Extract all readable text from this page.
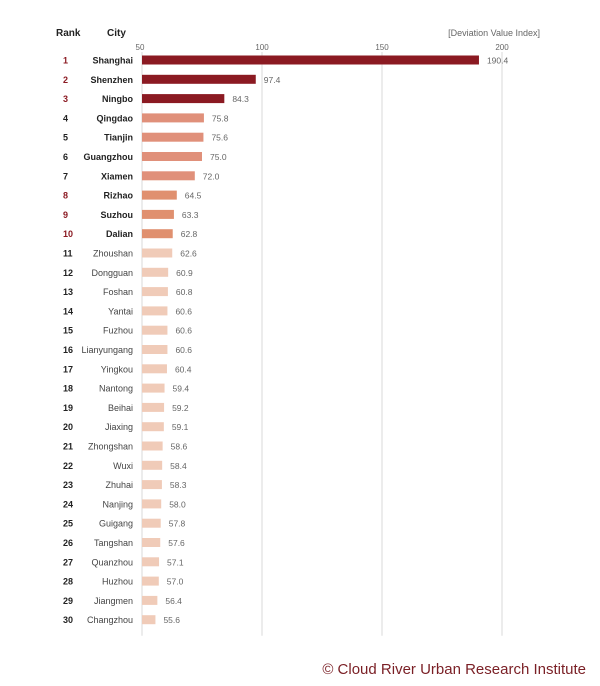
Rank	City	[Deviation Value Index]
50	100	150	200
1	Shanghai	190.4
2 Shenzhen	97.4
3	Ningbo	84.3
4	Qingdao	75.8
5	Tianjin	75.6
6 Guangzhou	75.0
7	Xiamen	72.0
8	Rizhao	64.5
9	Suzhou	63.3
10	Dalian	62.8
11 Zhoushan	62.6
12 Dongguan	60.9
13	Foshan	60.8
14	Yantai	60.6
15	Fuzhou	60.6
16 Lianyungang	60.6
17	Yingkou	60.4
18	Nantong	59.4
19	Beihai	59.2
20	Jiaxing	59.1
21 Zhongshan	58.6
22	Wuxi	58.4
23	Zhuhai	58.3
24	Nanjing	58.0
25	Guigang	57.8
26 Tangshan	57.6
27 Quanzhou	57.1
28	Huzhou	57.0
29 Jiangmen	56.4
30 Changzhou	55.6
© Cloud River Urban Research Institute
